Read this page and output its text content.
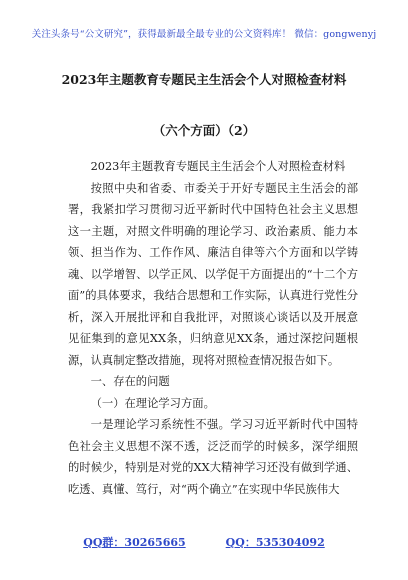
关注头条号“公文研究”，获得最新最全最专业的公文资料库！ 微信：gongwenyj
2023年主题教育专题民主生活会个人对照检查材料
（六个方面）（2）

2023年主题教育专题民主生活会个人对照检查材料

按照中央和省委、市委关于开好专题民主生活会的部署，我紧扣学习贯彻习近平新时代中国特色社会主义思想这一主题，对照文件明确的理论学习、政治素质、能力本领、担当作为、工作作风、廉洁自律等六个方面和以学铸魂、以学增智、以学正风、以学促干方面提出的“十二个方面”的具体要求，我结合思想和工作实际，认真进行党性分析，深入开展批评和自我批评，对照谈心谈话以及开展意见征集到的意见XX条，归纳意见XX条，通过深挖问题根源，认真制定整改措施，现将对照检查情况报告如下。

一、存在的问题

（一）在理论学习方面。

一是理论学习系统性不强。学习习近平新时代中国特色社会主义思想不深不透，泛泛而学的时候多，深学细照的时候少，特别是对党的XX大精神学习还没有做到学通、吃透、真懂、笃行，对“两个确立”在实现中华民族伟大

QQ群：30265665	QQ：535304092
